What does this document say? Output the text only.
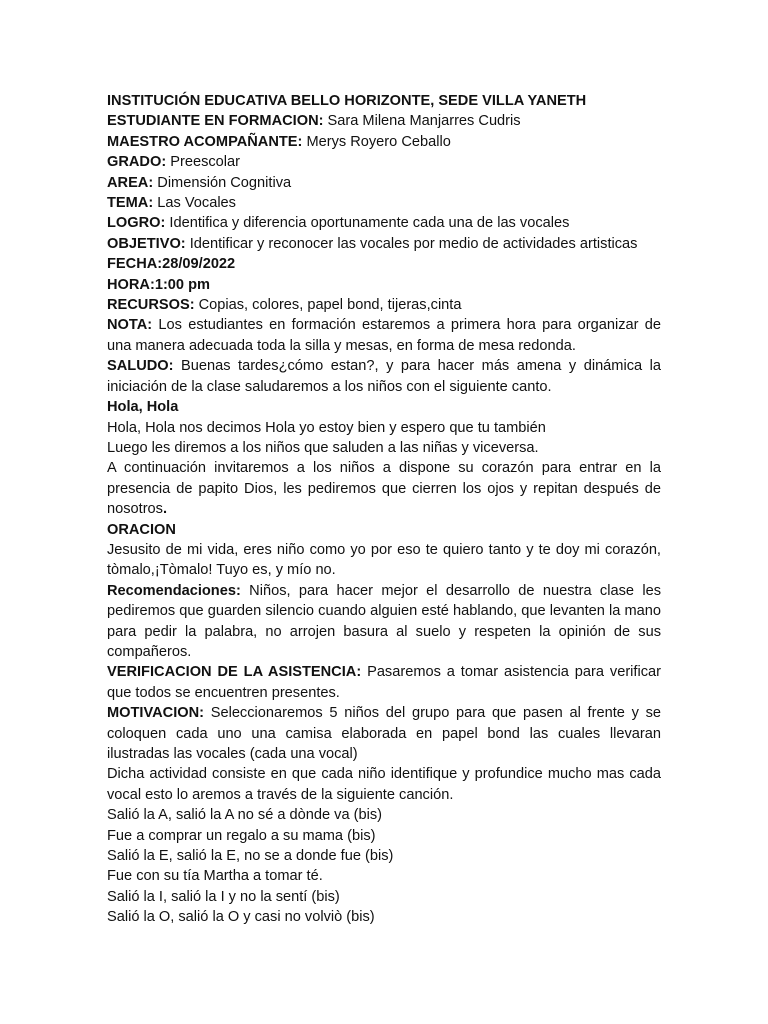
INSTITUCIÓN EDUCATIVA BELLO HORIZONTE, SEDE VILLA YANETH

ESTUDIANTE EN FORMACION: Sara Milena Manjarres Cudris

MAESTRO ACOMPAÑANTE: Merys Royero Ceballo

GRADO: Preescolar

AREA: Dimensión Cognitiva

TEMA: Las Vocales

LOGRO: Identifica y diferencia oportunamente cada una de las vocales

OBJETIVO: Identificar y reconocer las vocales por medio de actividades artisticas

FECHA:28/09/2022

HORA:1:00 pm

RECURSOS: Copias, colores, papel bond, tijeras,cinta

NOTA: Los estudiantes en formación estaremos a primera hora para organizar de una manera adecuada toda la silla y mesas, en forma de mesa redonda.

SALUDO: Buenas tardes¿cómo estan?, y para hacer más amena y dinámica la iniciación de la clase saludaremos a los niños con el siguiente canto.

Hola, Hola

Hola, Hola nos decimos Hola yo estoy bien y espero que tu también

Luego les diremos a los niños que saluden a las niñas y viceversa.

A continuación invitaremos a los niños a dispone su corazón para entrar en la presencia de papito Dios, les pediremos que cierren los ojos y repitan después de nosotros.

ORACION

Jesusito de mi vida, eres niño como yo por eso te quiero tanto y te doy mi corazón, tòmalo,¡Tòmalo! Tuyo es, y mío no.

Recomendaciones: Niños, para hacer mejor el desarrollo de nuestra clase les pediremos que guarden silencio cuando alguien esté hablando, que levanten la mano para pedir la palabra, no arrojen basura al suelo y respeten la opinión de sus compañeros.

VERIFICACION DE LA ASISTENCIA: Pasaremos a tomar asistencia para verificar que todos se encuentren presentes.

MOTIVACION: Seleccionaremos 5 niños del grupo para que pasen al frente y se coloquen cada uno una camisa elaborada en papel bond las cuales llevaran ilustradas las vocales (cada una vocal)

Dicha actividad consiste en que cada niño identifique y profundice mucho mas cada vocal esto lo aremos a través de la siguiente canción.

Salió la A, salió la A no sé a dònde va (bis)

Fue a comprar un regalo a su mama (bis)

Salió la E, salió la E, no se a donde fue (bis)

Fue con su tía Martha a tomar té.

Salió la I, salió la I y no la sentí (bis)

Salió la O, salió la O y casi no volviò (bis)
